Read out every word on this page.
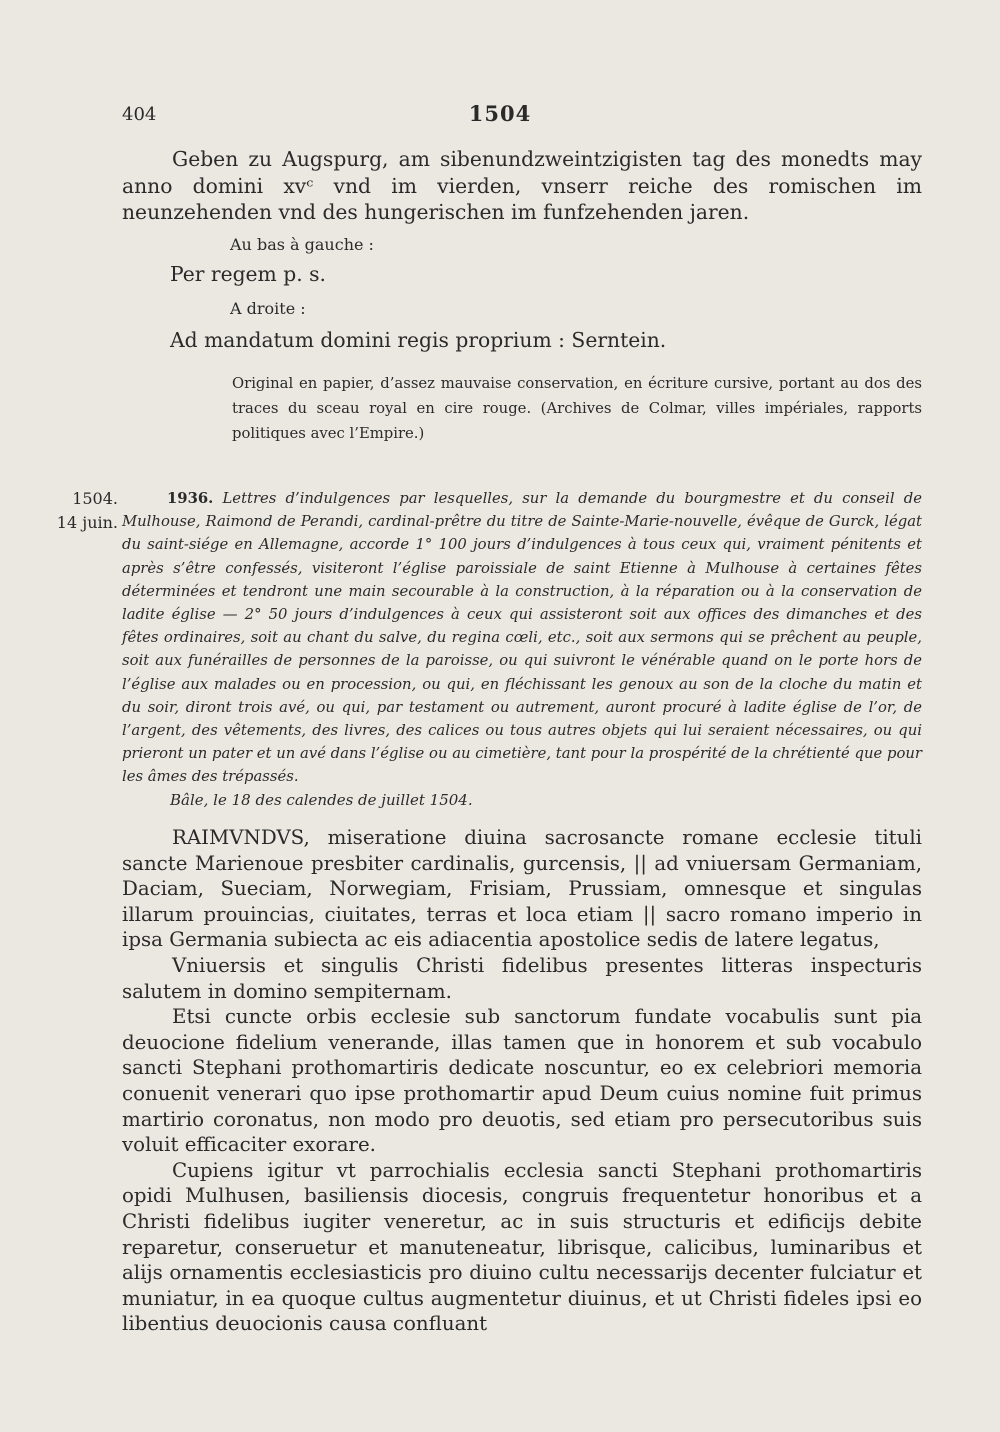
404	1504
Geben zu Augspurg, am sibenundzweintzigisten tag des monedts may anno domini xvᶜ vnd im vierden, vnserr reiche des romischen im neunzehenden vnd des hungerischen im funfzehenden jaren.
Au bas à gauche :
Per regem p. s.
A droite :
Ad mandatum domini regis proprium : Serntein.
Original en papier, d’assez mauvaise conservation, en écriture cursive, portant au dos des traces du sceau royal en cire rouge. (Archives de Colmar, villes impériales, rapports politiques avec l’Empire.)
1504.
14 juin.
1936. Lettres d’indulgences par lesquelles, sur la demande du bourgmestre et du conseil de Mulhouse, Raimond de Perandi, cardinal-prêtre du titre de Sainte-Marie-nouvelle, évêque de Gurck, légat du saint-siége en Allemagne, accorde 1° 100 jours d’indulgences à tous ceux qui, vraiment pénitents et après s’être confessés, visiteront l’église paroissiale de saint Etienne à Mulhouse à certaines fêtes déterminées et tendront une main secourable à la construction, à la réparation ou à la conservation de ladite église — 2° 50 jours d’indulgences à ceux qui assisteront soit aux offices des dimanches et des fêtes ordinaires, soit au chant du salve, du regina cœli, etc., soit aux sermons qui se prêchent au peuple, soit aux funérailles de personnes de la paroisse, ou qui suivront le vénérable quand on le porte hors de l’église aux malades ou en procession, ou qui, en fléchissant les genoux au son de la cloche du matin et du soir, diront trois avé, ou qui, par testament ou autrement, auront procuré à ladite église de l’or, de l’argent, des vêtements, des livres, des calices ou tous autres objets qui lui seraient nécessaires, ou qui prieront un pater et un avé dans l’église ou au cimetière, tant pour la prospérité de la chrétienté que pour les âmes des trépassés.
Bâle, le 18 des calendes de juillet 1504.

RAIMVNDVS, miseratione diuina sacrosancte romane ecclesie tituli sancte Marienoue presbiter cardinalis, gurcensis, || ad vniuersam Germaniam, Daciam, Sueciam, Norwegiam, Frisiam, Prussiam, omnesque et singulas illarum prouincias, ciuitates, terras et loca etiam || sacro romano imperio in ipsa Germania subiecta ac eis adiacentia apostolice sedis de latere legatus,

Vniuersis et singulis Christi fidelibus presentes litteras inspecturis salutem in domino sempiternam.

Etsi cuncte orbis ecclesie sub sanctorum fundate vocabulis sunt pia deuocione fidelium venerande, illas tamen que in honorem et sub vocabulo sancti Stephani prothomartiris dedicate noscuntur, eo ex celebriori memoria conuenit venerari quo ipse prothomartir apud Deum cuius nomine fuit primus martirio coronatus, non modo pro deuotis, sed etiam pro persecutoribus suis voluit efficaciter exorare.

Cupiens igitur vt parrochialis ecclesia sancti Stephani prothomartiris opidi Mulhusen, basiliensis diocesis, congruis frequentetur honoribus et a Christi fidelibus iugiter veneretur, ac in suis structuris et edificijs debite reparetur, conseruetur et manuteneatur, librisque, calicibus, luminaribus et alijs ornamentis ecclesiasticis pro diuino cultu necessarijs decenter fulciatur et muniatur, in ea quoque cultus augmentetur diuinus, et ut Christi fideles ipsi eo libentius deuocionis causa confluant
